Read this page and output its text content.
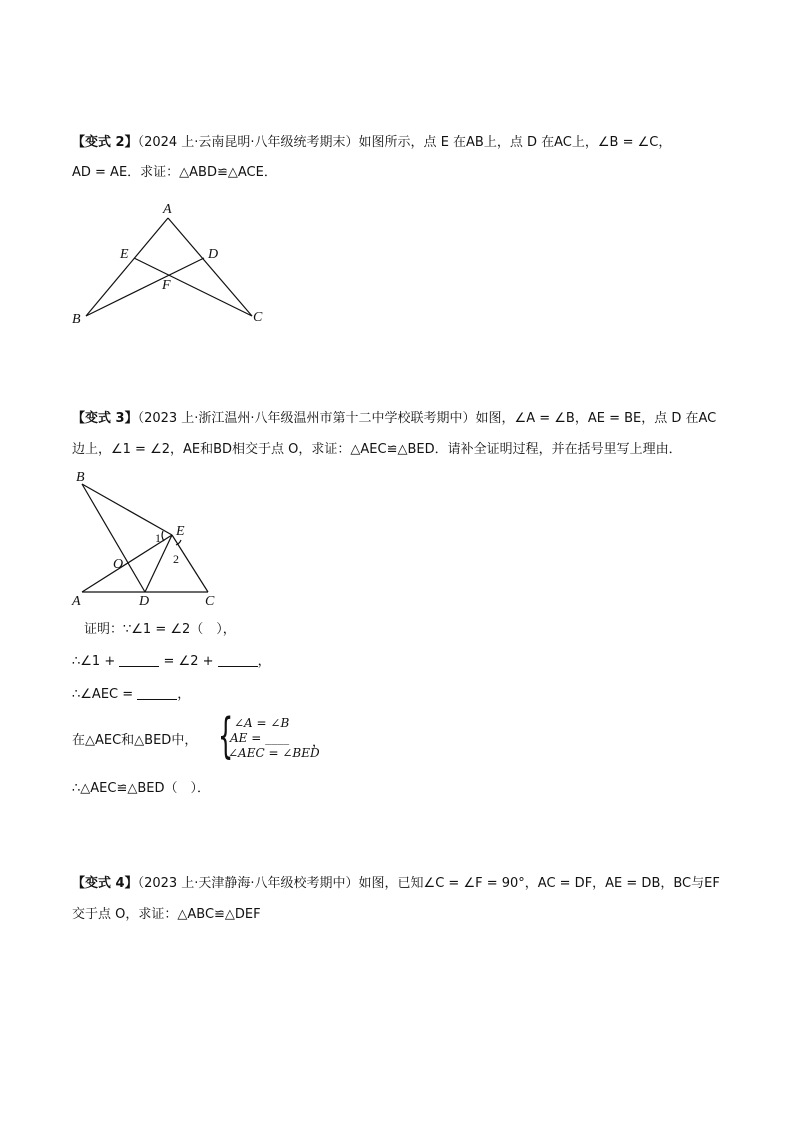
【变式 2】（2024 上·云南昆明·八年级统考期末）如图所示，点 E 在AB上，点 D 在AC上，∠B = ∠C，
AD = AE．求证：△ABD≌△ACE．
A
E	D
F
B	C
【变式 3】（2023 上·浙江温州·八年级温州市第十二中学校联考期中）如图，∠A = ∠B，AE = BE，点 D 在AC
边上，∠1 = ∠2，AE和BD相交于点 O，求证：△AEC≌△BED．请补全证明过程，并在括号里写上理由．
B
E
1
2
O
A	D	C
证明：∵∠1 = ∠2（　），
∴∠1 +	= ∠2 +	，
∴∠AEC =	，
在△AEC和△BED中， { ∠A = ∠B
AE = ____
∠AEC = ∠BED
，
∴△AEC≌△BED（　）．
【变式 4】（2023 上·天津静海·八年级校考期中）如图，已知∠C = ∠F = 90°，AC = DF，AE = DB，BC与EF
交于点 O，求证：△ABC≌△DEF
